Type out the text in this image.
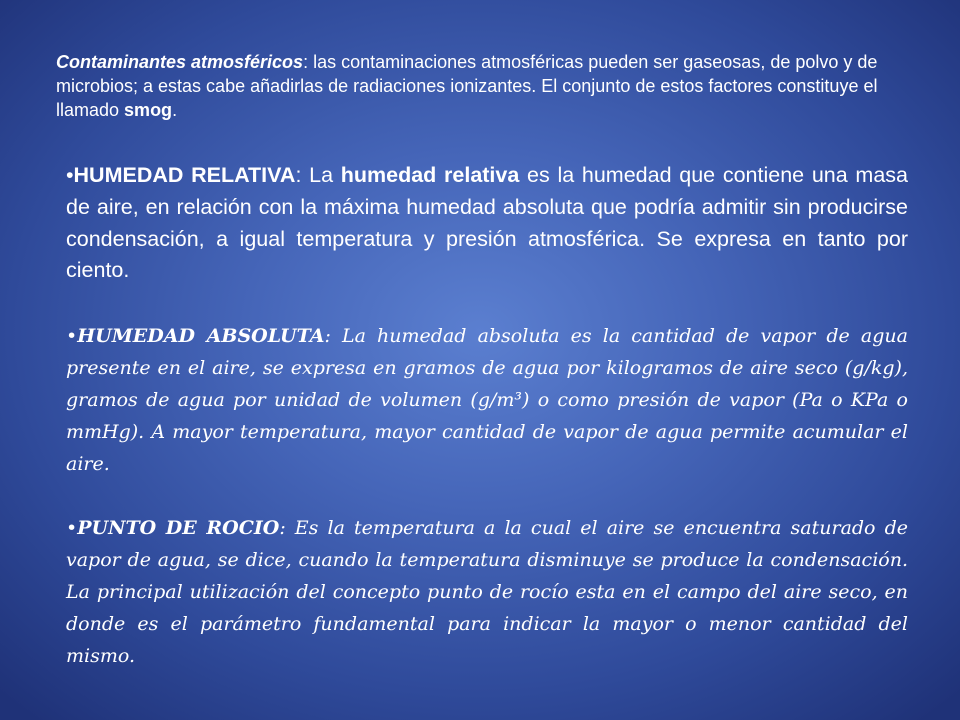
Contaminantes atmosféricos: las contaminaciones atmosféricas pueden ser gaseosas, de polvo y de microbios; a estas cabe añadirlas de radiaciones ionizantes. El conjunto de estos factores constituye el llamado smog.

•HUMEDAD RELATIVA: La humedad relativa es la humedad que contiene una masa de aire, en relación con la máxima humedad absoluta que podría admitir sin producirse condensación, a igual temperatura y presión atmosférica. Se expresa en tanto por ciento.

•HUMEDAD ABSOLUTA: La humedad absoluta es la cantidad de vapor de agua presente en el aire, se expresa en gramos de agua por kilogramos de aire seco (g/kg), gramos de agua por unidad de volumen (g/m³) o como presión de vapor (Pa o KPa o mmHg). A mayor temperatura, mayor cantidad de vapor de agua permite acumular el aire.

•PUNTO DE ROCIO: Es la temperatura a la cual el aire se encuentra saturado de vapor de agua, se dice, cuando la temperatura disminuye se produce la condensación. La principal utilización del concepto punto de rocío esta en el campo del aire seco, en donde es el parámetro fundamental para indicar la mayor o menor cantidad del mismo.
